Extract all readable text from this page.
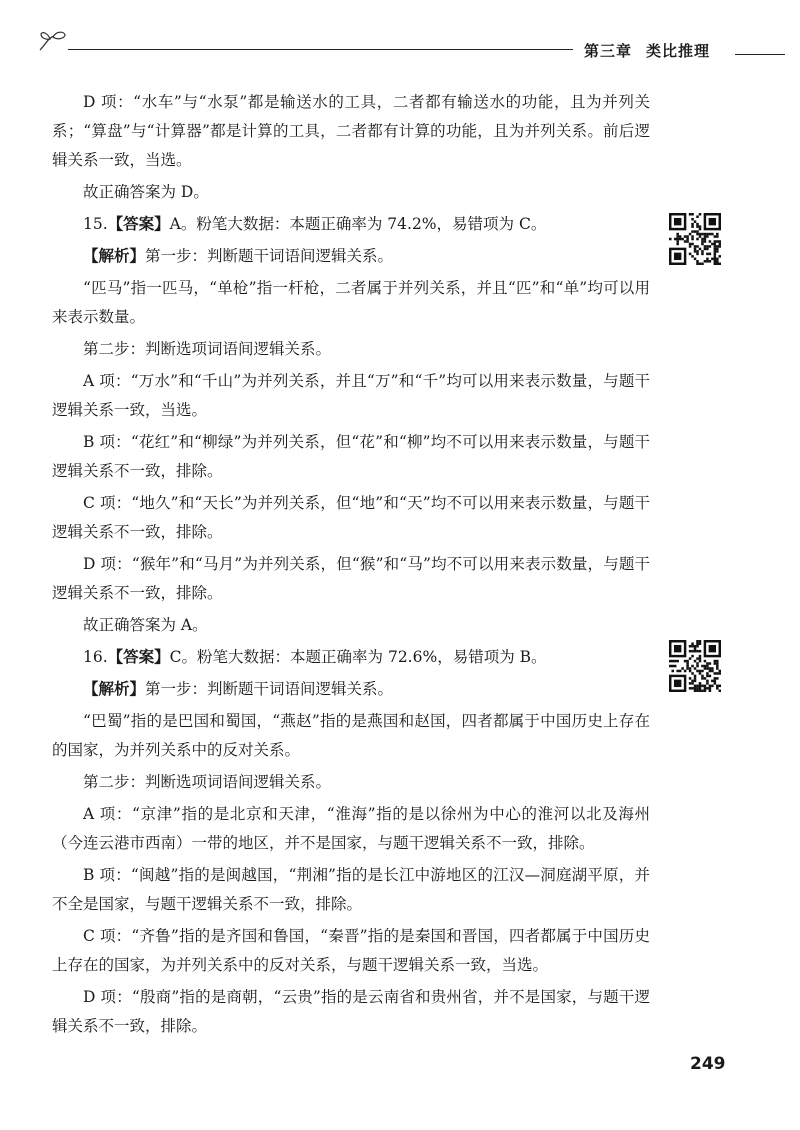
第三章 类比推理

D 项：“水车”与“水泵”都是输送水的工具，二者都有输送水的功能，且为并列关系；“算盘”与“计算器”都是计算的工具，二者都有计算的功能，且为并列关系。前后逻辑关系一致，当选。

故正确答案为 D。

15.【答案】A。粉笔大数据：本题正确率为 74.2%，易错项为 C。

【解析】第一步：判断题干词语间逻辑关系。

“匹马”指一匹马，“单枪”指一杆枪，二者属于并列关系，并且“匹”和“单”均可以用来表示数量。

第二步：判断选项词语间逻辑关系。

A 项：“万水”和“千山”为并列关系，并且“万”和“千”均可以用来表示数量，与题干逻辑关系一致，当选。

B 项：“花红”和“柳绿”为并列关系，但“花”和“柳”均不可以用来表示数量，与题干逻辑关系不一致，排除。

C 项：“地久”和“天长”为并列关系，但“地”和“天”均不可以用来表示数量，与题干逻辑关系不一致，排除。

D 项：“猴年”和“马月”为并列关系，但“猴”和“马”均不可以用来表示数量，与题干逻辑关系不一致，排除。

故正确答案为 A。

16.【答案】C。粉笔大数据：本题正确率为 72.6%，易错项为 B。

【解析】第一步：判断题干词语间逻辑关系。

“巴蜀”指的是巴国和蜀国，“燕赵”指的是燕国和赵国，四者都属于中国历史上存在的国家，为并列关系中的反对关系。

第二步：判断选项词语间逻辑关系。

A 项：“京津”指的是北京和天津，“淮海”指的是以徐州为中心的淮河以北及海州（今连云港市西南）一带的地区，并不是国家，与题干逻辑关系不一致，排除。

B 项：“闽越”指的是闽越国，“荆湘”指的是长江中游地区的江汉—洞庭湖平原，并不全是国家，与题干逻辑关系不一致，排除。

C 项：“齐鲁”指的是齐国和鲁国，“秦晋”指的是秦国和晋国，四者都属于中国历史上存在的国家，为并列关系中的反对关系，与题干逻辑关系一致，当选。

D 项：“殷商”指的是商朝，“云贵”指的是云南省和贵州省，并不是国家，与题干逻辑关系不一致，排除。

249
